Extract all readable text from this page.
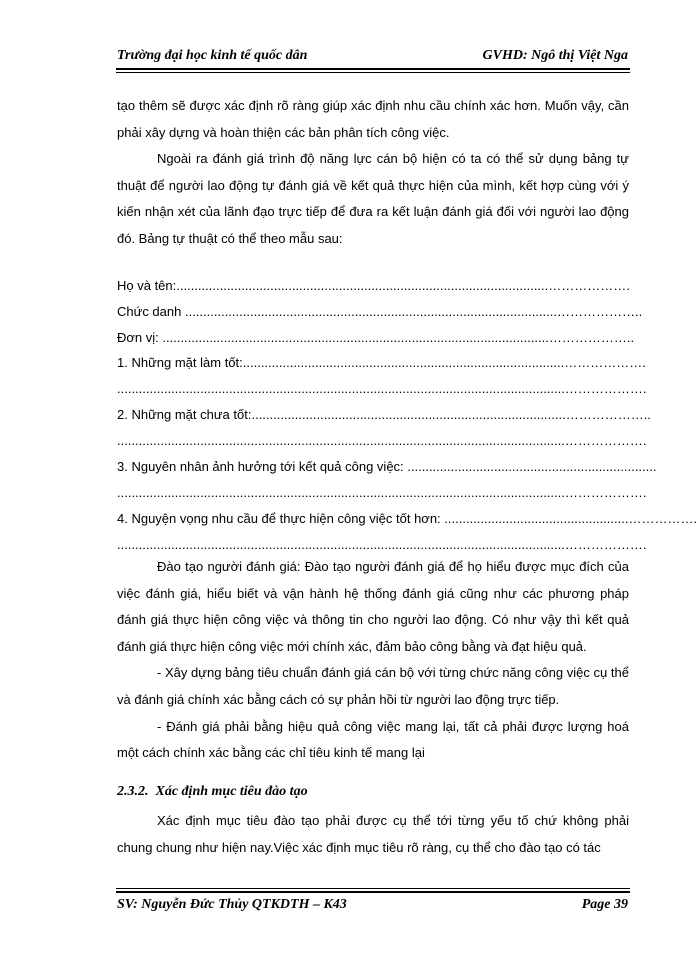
Trường đại học kinh tế quốc dân	GVHD: Ngô thị Việt Nga

tạo thêm sẽ được xác định rõ ràng giúp xác định nhu cầu chính xác hơn. Muốn vậy, cần phải xây dựng và hoàn thiện các bản phân tích công việc.

Ngoài ra đánh giá trình độ năng lực cán bộ hiện có ta có thể sử dụng bảng tự thuật để người lao động tự đánh giá về kết quả thực hiện của mình, kết hợp cùng với ý kiến nhận xét của lãnh đạo trực tiếp để đưa ra kết luận đánh giá đối với người lao động đó. Bảng tự thuật có thể theo mẫu sau:

Họ và tên:.......................................................................................................……………….
Chức danh .......................................................................................................………………..
Đơn vị: ...........................................................................................................………………..
1. Những mặt làm tốt:.........................................................................................……………….
............................................................................................................................……………….
2. Những mặt chưa tốt:.......................................................................................………………..
............................................................................................................................……………….
3. Nguyên nhân ảnh hưởng tới kết quả công việc: .....................................................................
............................................................................................................................……………….
4. Nguyện vọng nhu cầu để thực hiện công việc tốt hơn: ...................................................…………….
............................................................................................................................……………….

Đào tạo người đánh giá: Đào tạo người đánh giá để họ hiểu được mục đích của việc đánh giá, hiểu biết và vận hành hệ thống đánh giá cũng như các phương pháp đánh giá thực hiện công việc và thông tin cho người lao động. Có như vậy thì kết quả đánh giá thực hiện công việc mới chính xác, đảm bảo công bằng và đạt hiệu quả.

- Xây dựng bảng tiêu chuẩn đánh giá cán bộ với từng chức năng công việc cụ thể và đánh giá chính xác bằng cách có sự phản hồi từ người lao động trực tiếp.

- Đánh giá phải bằng hiệu quả công việc mang lại, tất cả phải được lượng hoá một cách chính xác bằng các chỉ tiêu kinh tế mang lại

2.3.2. Xác định mục tiêu đào tạo

Xác định mục tiêu đào tạo phải được cụ thể tới từng yếu tố chứ không phải chung chung như hiện nay.Việc xác định mục tiêu rõ ràng, cụ thể cho đào tạo có tác

SV: Nguyễn Đức Thủy QTKDTH – K43	Page 39
